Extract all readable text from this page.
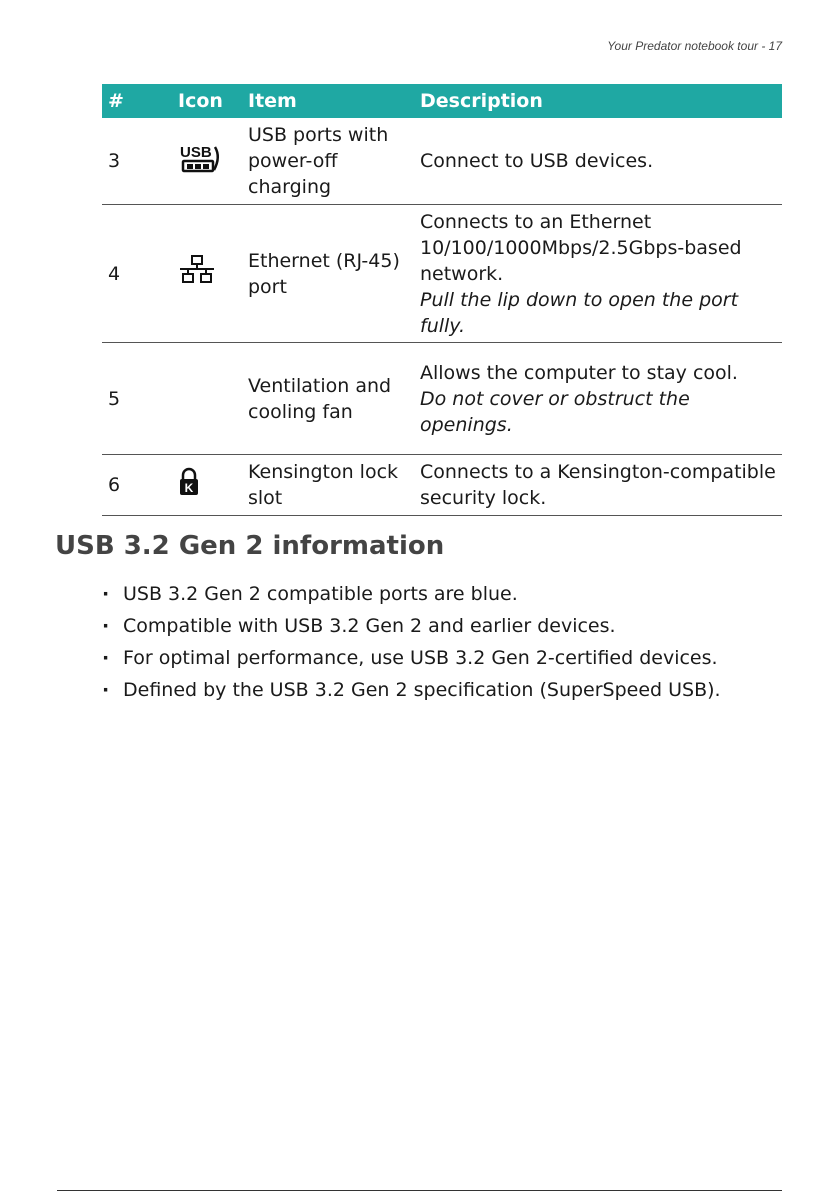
Your Predator notebook tour - 17
#	Icon	Item	Description
3	USB	USB ports with power-off charging	Connect to USB devices.

4		Ethernet (RJ-45) port	Connects to an Ethernet 10/100/1000Mbps/2.5Gbps-based network.
Pull the lip down to open the port fully.

5		Ventilation and cooling fan	Allows the computer to stay cool.
Do not cover or obstruct the openings.

6	K	Kensington lock slot	Connects to a Kensington-compatible security lock.
USB 3.2 Gen 2 information
· USB 3.2 Gen 2 compatible ports are blue.
· Compatible with USB 3.2 Gen 2 and earlier devices.
· For optimal performance, use USB 3.2 Gen 2-certified devices.
· Defined by the USB 3.2 Gen 2 specification (SuperSpeed USB).
